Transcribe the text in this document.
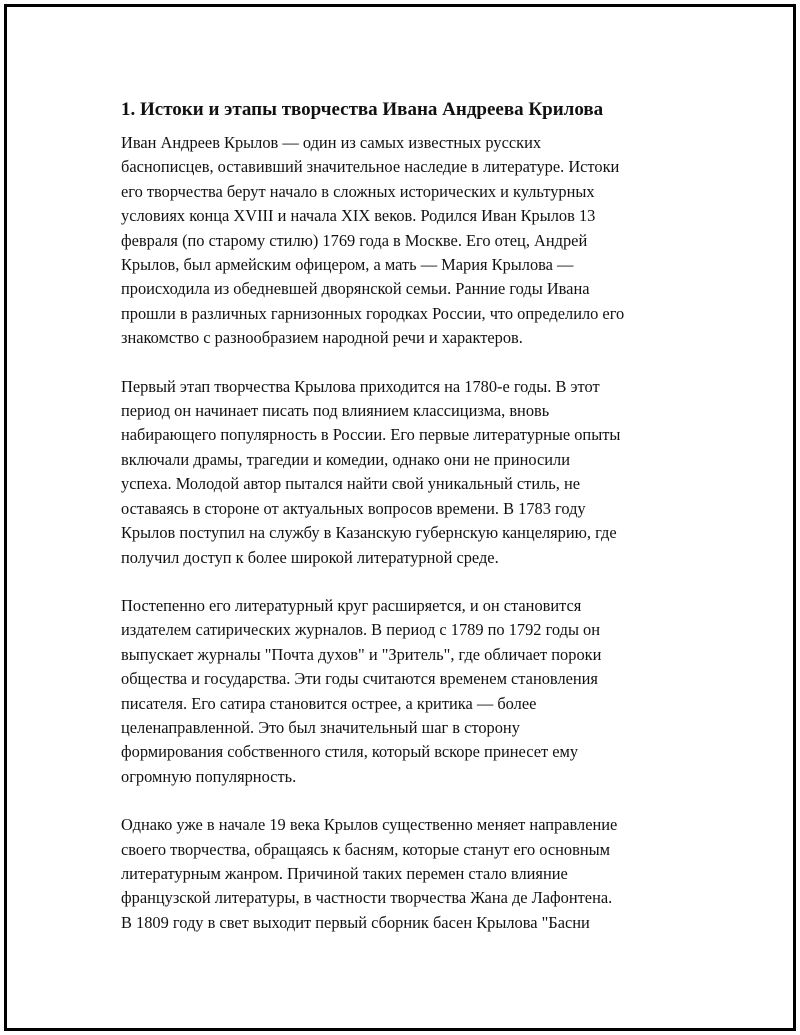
1. Истоки и этапы творчества Ивана Андреева Крилова
Иван Андреев Крылов — один из самых известных русских
баснописцев, оставивший значительное наследие в литературе. Истоки
его творчества берут начало в сложных исторических и культурных
условиях конца XVIII и начала XIX веков. Родился Иван Крылов 13
февраля (по старому стилю) 1769 года в Москве. Его отец, Андрей
Крылов, был армейским офицером, а мать — Мария Крылова —
происходила из обедневшей дворянской семьи. Ранние годы Ивана
прошли в различных гарнизонных городках России, что определило его
знакомство с разнообразием народной речи и характеров.
Первый этап творчества Крылова приходится на 1780-е годы. В этот
период он начинает писать под влиянием классицизма, вновь
набирающего популярность в России. Его первые литературные опыты
включали драмы, трагедии и комедии, однако они не приносили
успеха. Молодой автор пытался найти свой уникальный стиль, не
оставаясь в стороне от актуальных вопросов времени. В 1783 году
Крылов поступил на службу в Казанскую губернскую канцелярию, где
получил доступ к более широкой литературной среде.
Постепенно его литературный круг расширяется, и он становится
издателем сатирических журналов. В период с 1789 по 1792 годы он
выпускает журналы "Почта духов" и "Зритель", где обличает пороки
общества и государства. Эти годы считаются временем становления
писателя. Его сатира становится острее, а критика — более
целенаправленной. Это был значительный шаг в сторону
формирования собственного стиля, который вскоре принесет ему
огромную популярность.
Однако уже в начале 19 века Крылов существенно меняет направление
своего творчества, обращаясь к басням, которые станут его основным
литературным жанром. Причиной таких перемен стало влияние
французской литературы, в частности творчества Жана де Лафонтена.
В 1809 году в свет выходит первый сборник басен Крылова "Басни
